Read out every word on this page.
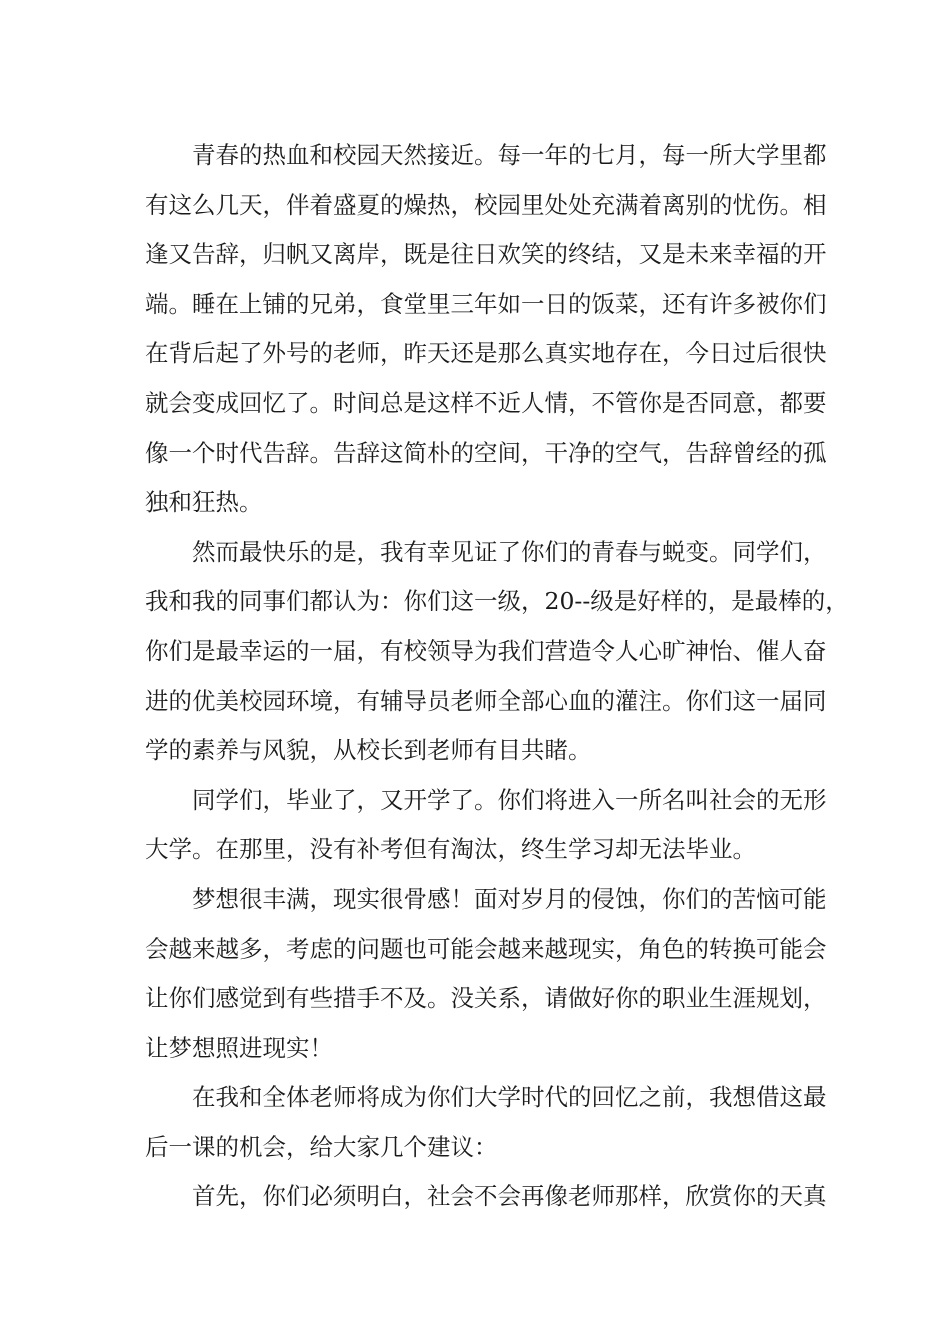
青春的热血和校园天然接近。每一年的七月，每一所大学里都
有这么几天，伴着盛夏的燥热，校园里处处充满着离别的忧伤。相
逢又告辞，归帆又离岸，既是往日欢笑的终结，又是未来幸福的开
端。睡在上铺的兄弟，食堂里三年如一日的饭菜，还有许多被你们
在背后起了外号的老师，昨天还是那么真实地存在，今日过后很快
就会变成回忆了。时间总是这样不近人情，不管你是否同意，都要
像一个时代告辞。告辞这简朴的空间，干净的空气，告辞曾经的孤
独和狂热。
然而最快乐的是，我有幸见证了你们的青春与蜕变。同学们，
我和我的同事们都认为：你们这一级，20--级是好样的，是最棒的，
你们是最幸运的一届，有校领导为我们营造令人心旷神怡、催人奋
进的优美校园环境，有辅导员老师全部心血的灌注。你们这一届同
学的素养与风貌，从校长到老师有目共睹。
同学们，毕业了，又开学了。你们将进入一所名叫社会的无形
大学。在那里，没有补考但有淘汰，终生学习却无法毕业。
梦想很丰满，现实很骨感！面对岁月的侵蚀，你们的苦恼可能
会越来越多，考虑的问题也可能会越来越现实，角色的转换可能会
让你们感觉到有些措手不及。没关系，请做好你的职业生涯规划，
让梦想照进现实！
在我和全体老师将成为你们大学时代的回忆之前，我想借这最
后一课的机会，给大家几个建议：
首先，你们必须明白，社会不会再像老师那样，欣赏你的天真
